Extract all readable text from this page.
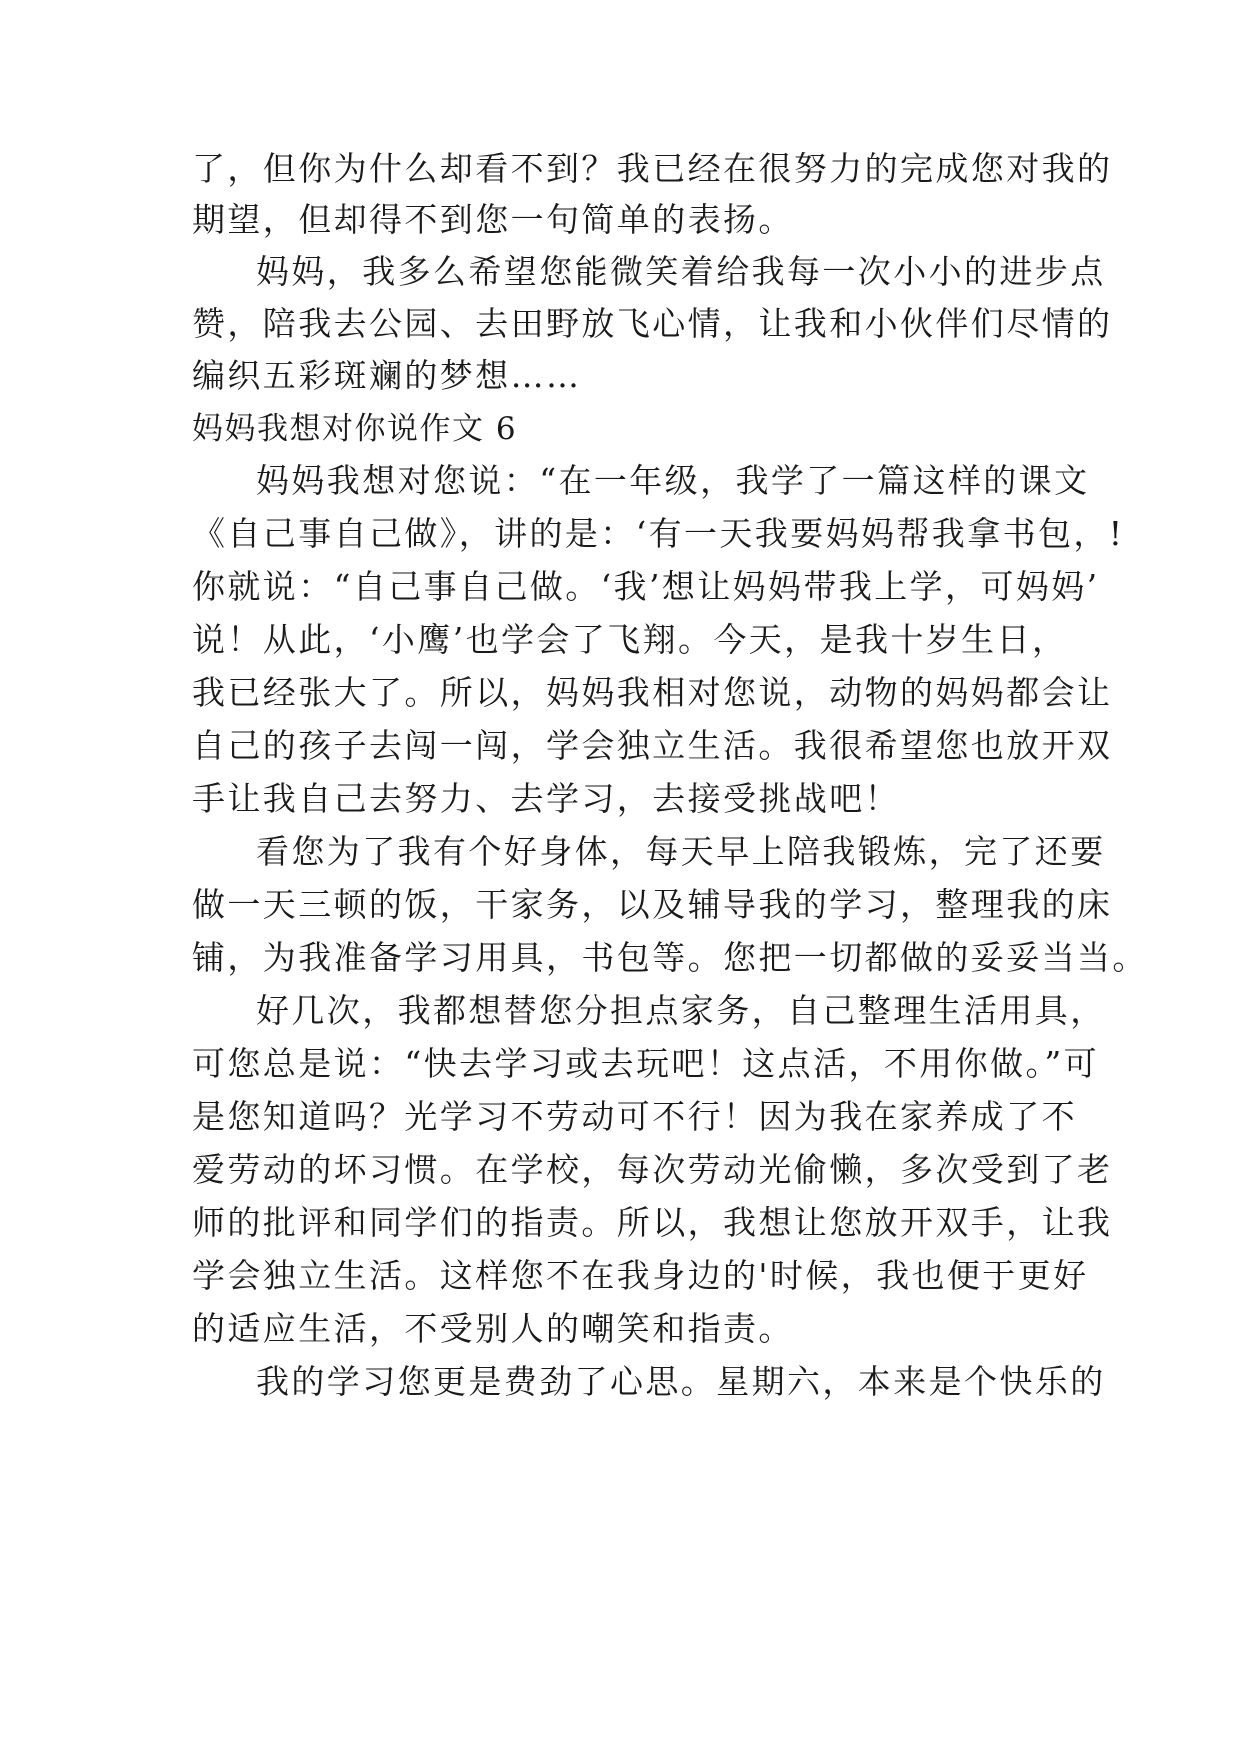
了，但你为什么却看不到？我已经在很努力的完成您对我的
期望，但却得不到您一句简单的表扬。
妈妈，我多么希望您能微笑着给我每一次小小的进步点
赞，陪我去公园、去田野放飞心情，让我和小伙伴们尽情的
编织五彩斑斓的梦想……
妈妈我想对你说作文 6
妈妈我想对您说：“在一年级，我学了一篇这样的课文
《自己事自己做》，讲的是：‘有一天我要妈妈帮我拿书包，!
你就说：“自己事自己做。‘我’想让妈妈带我上学，可妈妈’
说！从此，‘小鹰’也学会了飞翔。今天，是我十岁生日，
我已经张大了。所以，妈妈我相对您说，动物的妈妈都会让
自己的孩子去闯一闯，学会独立生活。我很希望您也放开双
手让我自己去努力、去学习，去接受挑战吧！
看您为了我有个好身体，每天早上陪我锻炼，完了还要
做一天三顿的饭，干家务，以及辅导我的学习，整理我的床
铺，为我准备学习用具，书包等。您把一切都做的妥妥当当。
好几次，我都想替您分担点家务，自己整理生活用具，
可您总是说：“快去学习或去玩吧！这点活，不用你做。”可
是您知道吗？光学习不劳动可不行！因为我在家养成了不
爱劳动的坏习惯。在学校，每次劳动光偷懒，多次受到了老
师的批评和同学们的指责。所以，我想让您放开双手，让我
学会独立生活。这样您不在我身边的'时候，我也便于更好
的适应生活，不受别人的嘲笑和指责。
我的学习您更是费劲了心思。星期六，本来是个快乐的
